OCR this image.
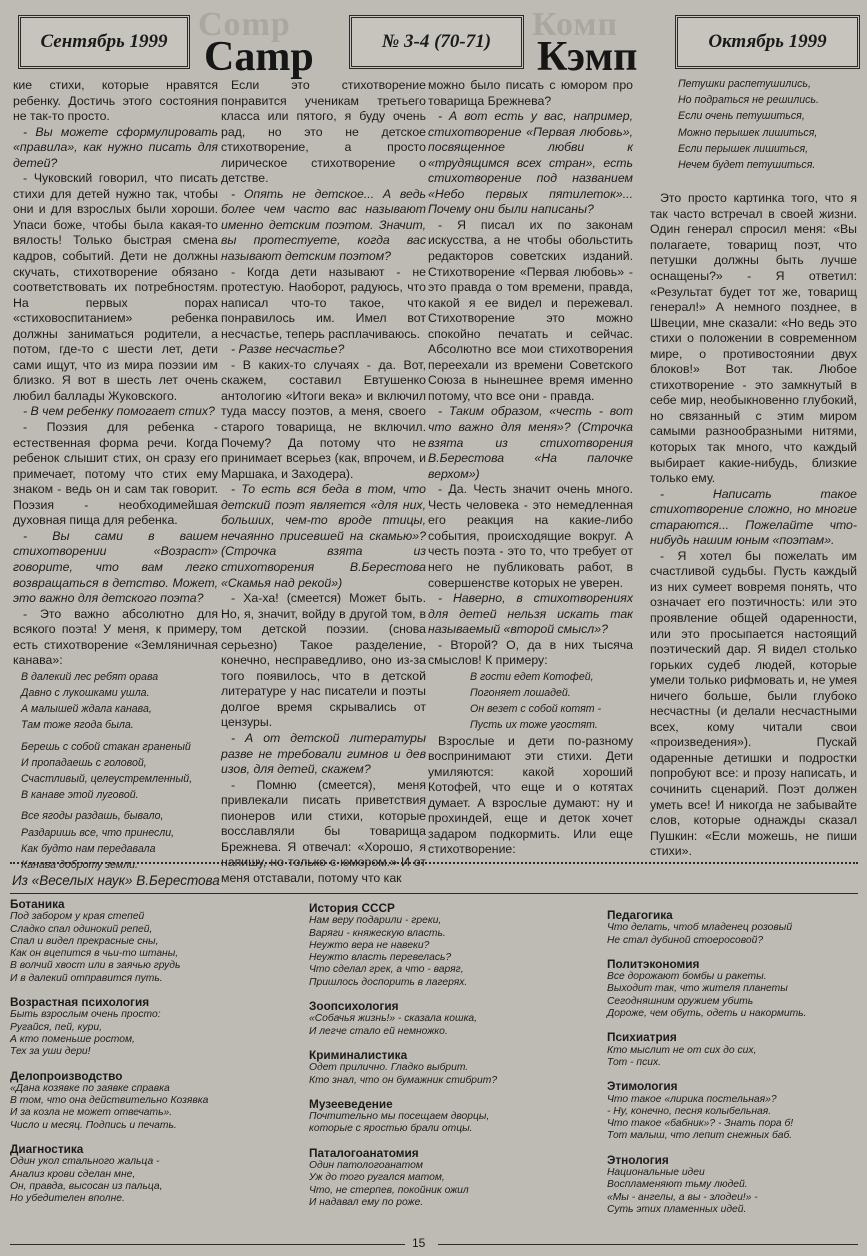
Сентябрь 1999 Comp
Camp	№ 3-4 (70-71) Комп
Кэмп	Октябрь 1999

кие стихи, которые нравятся ребенку. Достичь этого состояния не так-то просто.

- Вы можете сформулировать «правила», как нужно писать для детей?

- Чуковский говорил, что писать стихи для детей нужно так, чтобы они и для взрослых были хороши. Упаси боже, чтобы была какая-то вялость! Только быстрая смена кадров, событий. Дети не должны скучать, стихотворение обязано соответствовать их потребностям. На первых порах «стиховоспитанием» ребенка должны заниматься родители, а потом, где-то с шести лет, дети сами ищут, что из мира поэзии им близко. Я вот в шесть лет очень любил баллады Жуковского.

- В чем ребенку помогает стих?

- Поэзия для ребенка - естественная форма речи. Когда ребенок слышит стих, он сразу его примечает, потому что стих ему знаком - ведь он и сам так говорит. Поэзия - необходимейшая духовная пища для ребенка.

- Вы сами в вашем стихотворении «Возраст» говорите, что вам легко возвращаться в детство. Может, это важно для детского поэта?

- Это важно абсолютно для всякого поэта! У меня, к примеру, есть стихотворение «Земляничная канава»:

В далекий лес ребят орава
Давно с лукошками ушла.
А малышей ждала канава,
Там тоже ягода была.
Берешь с собой стакан граненый
И пропадаешь с головой,
Счастливый, целеустремленный,
В канаве этой луговой.
Все ягоды раздашь, бывало,
Раздаришь все, что принесли,
Как будто нам передавала
Канава доброту земли.

Если это стихотворение понравится ученикам третьего класса или пятого, я буду очень рад, но это не детское стихотворение, а просто лирическое стихотворение о детстве.

- Опять не детское... А ведь более чем часто вас называют именно детским поэтом. Значит, вы протестуете, когда вас называют детским поэтом?

- Когда дети называют - не протестую. Наоборот, радуюсь, что написал что-то такое, что понравилось им. Имел вот несчастье, теперь расплачиваюсь.

- Разве несчастье?

- В каких-то случаях - да. Вот, скажем, составил Евтушенко антологию «Итоги века» и включил туда массу поэтов, а меня, своего старого товарища, не включил. Почему? Да потому что не принимает всерьез (как, впрочем, и Маршака, и Заходера).

- То есть вся беда в том, что детский поэт является «для них, больших, чем-то вроде птицы, нечаянно присевшей на скамью»? (Строчка взята из стихотворения В.Берестова «Скамья над рекой»)

- Ха-ха! (смеется) Может быть. Но, я, значит, войду в другой том, в том детской поэзии. (снова серьезно) Такое разделение, конечно, несправедливо, оно из-за того появилось, что в детской литературе у нас писатели и поэты долгое время скрывались от цензуры.

- А от детской литературы разве не требовали гимнов и дев изов, для детей, скажем?

- Помню (смеется), меня привлекали писать приветствия пионеров или стихи, которые восславляли бы товарища Брежнева. Я отвечал: «Хорошо, я напишу, но только с юмором.» И от меня отставали, потому что как

можно было писать с юмором про товарища Брежнева?

- А вот есть у вас, например, стихотворение «Первая любовь», посвященное любви к «трудящимся всех стран», есть стихотворение под названием «Небо первых пятилеток»... Почему они были написаны?

- Я писал их по законам искусства, а не чтобы обольстить редакторов советских изданий. Стихотворение «Первая любовь» - это правда о том времени, правда, какой я ее видел и пережевал. Стихотворение это можно спокойно печатать и сейчас. Абсолютно все мои стихотворения переехали из времени Советского Союза в нынешнее время именно потому, что все они - правда.

- Таким образом, «честь - вот что важно для меня»? (Строчка взята из стихотворения В.Берестова «На палочке верхом»)

- Да. Честь значит очень много. Честь человека - это немедленная его реакция на какие-либо события, происходящие вокруг. А честь поэта - это то, что требует от него не публиковать работ, в совершенстве которых не уверен.

- Наверно, в стихотворениях для детей нельзя искать так называемый «второй смысл»?

- Второй? О, да в них тысяча смыслов! К примеру:

В гости едет Котофей,
Погоняет лошадей.
Он везет с собой котят -
Пусть их тоже угостят.

Взрослые и дети по-разному воспринимают эти стихи. Дети умиляются: какой хороший Котофей, что еще и о котятах думает. А взрослые думают: ну и прохиндей, еще и деток хочет задаром подкормить. Или еще стихотворение:

Петушки распетушились,
Но подраться не решились.
Если очень петушиться,
Можно перышек лишиться,
Если перышек лишиться,
Нечем будет петушиться.

Это просто картинка того, что я так часто встречал в своей жизни. Один генерал спросил меня: «Вы полагаете, товарищ поэт, что петушки должны быть лучше оснащены?» - Я ответил: «Результат будет тот же, товарищ генерал!» А немного позднее, в Швеции, мне сказали: «Но ведь это стихи о положении в современном мире, о противостоянии двух блоков!» Вот так. Любое стихотворение - это замкнутый в себе мир, необыкновенно глубокий, но связанный с этим миром самыми разнообразными нитями, которых так много, что каждый выбирает какие-нибудь, близкие только ему.

- Написать такое стихотворение сложно, но многие стараются... Пожелайте что-нибудь нашим юным «поэтам».

- Я хотел бы пожелать им счастливой судьбы. Пусть каждый из них сумеет вовремя понять, что означает его поэтичность: или это проявление общей одаренности, или это просыпается настоящий поэтический дар. Я видел столько горьких судеб людей, которые умели только рифмовать и, не умея ничего больше, были глубоко несчастны (и делали несчастными всех, кому читали свои «произведения»). Пускай одаренные детишки и подростки попробуют все: и прозу написать, и сочинить сценарий. Поэт должен уметь все! И никогда не забывайте слов, которые однажды сказал Пушкин: «Если можешь, не пиши стихи».

Из «Веселых наук» В.Берестова
Ботаника
Под забором у края степей
Сладко спал одинокий репей,
Спал и видел прекрасные сны,
Как он вцепится в чьи-то штаны,
В волчий хвост или в заячью грудь
И в далекий отправится путь.
Возрастная психология
Быть взрослым очень просто:
Ругайся, пей, кури,
А кто поменьше ростом,
Тех за уши дери!
Делопроизводство
«Дана козявке по заявке справка
В том, что она действительно Козявка
И за козла не может отвечать».
Число и месяц. Подпись и печать.
Диагностика
Один укол стального жальца -
Анализ крови сделан мне,
Он, правда, высосан из пальца,
Но убедителен вполне.
История СССР
Нам веру подарили - греки,
Варяги - княжескую власть.
Неужто вера не навеки?
Неужто власть перевелась?
Что сделал грек, а что - варяг,
Пришлось доспорить в лагерях.
Зоопсихология
«Собачья жизнь!» - сказала кошка,
И легче стало ей немножко.
Криминалистика
Одет прилично. Гладко выбрит.
Кто знал, что он бумажник стибрит?
Музееведение
Почтительно мы посещаем дворцы,
которые с яростью брали отцы.
Паталогоанатомия
Один патологоанатом
Уж до того ругался матом,
Что, не стерпев, покойник ожил
И надавал ему по роже.
Педагогика
Что делать, чтоб младенец розовый
Не стал дубиной стоеросовой?
Политэкономия
Все дорожают бомбы и ракеты.
Выходит так, что жителя планеты
Сегодняшним оружием убить
Дороже, чем обуть, одеть и накормить.
Психиатрия
Кто мыслит не от сих до сих,
Тот - псих.
Этимология
Что такое «лирика постельная»?
- Ну, конечно, песня колыбельная.
Что такое «бабник»? - Знать пора б!
Тот малыш, что лепит снежных баб.
Этнология
Национальные идеи
Воспламеняют тьму людей.
«Мы - ангелы, а вы - злодеи!» -
Суть этих пламенных идей.
15
